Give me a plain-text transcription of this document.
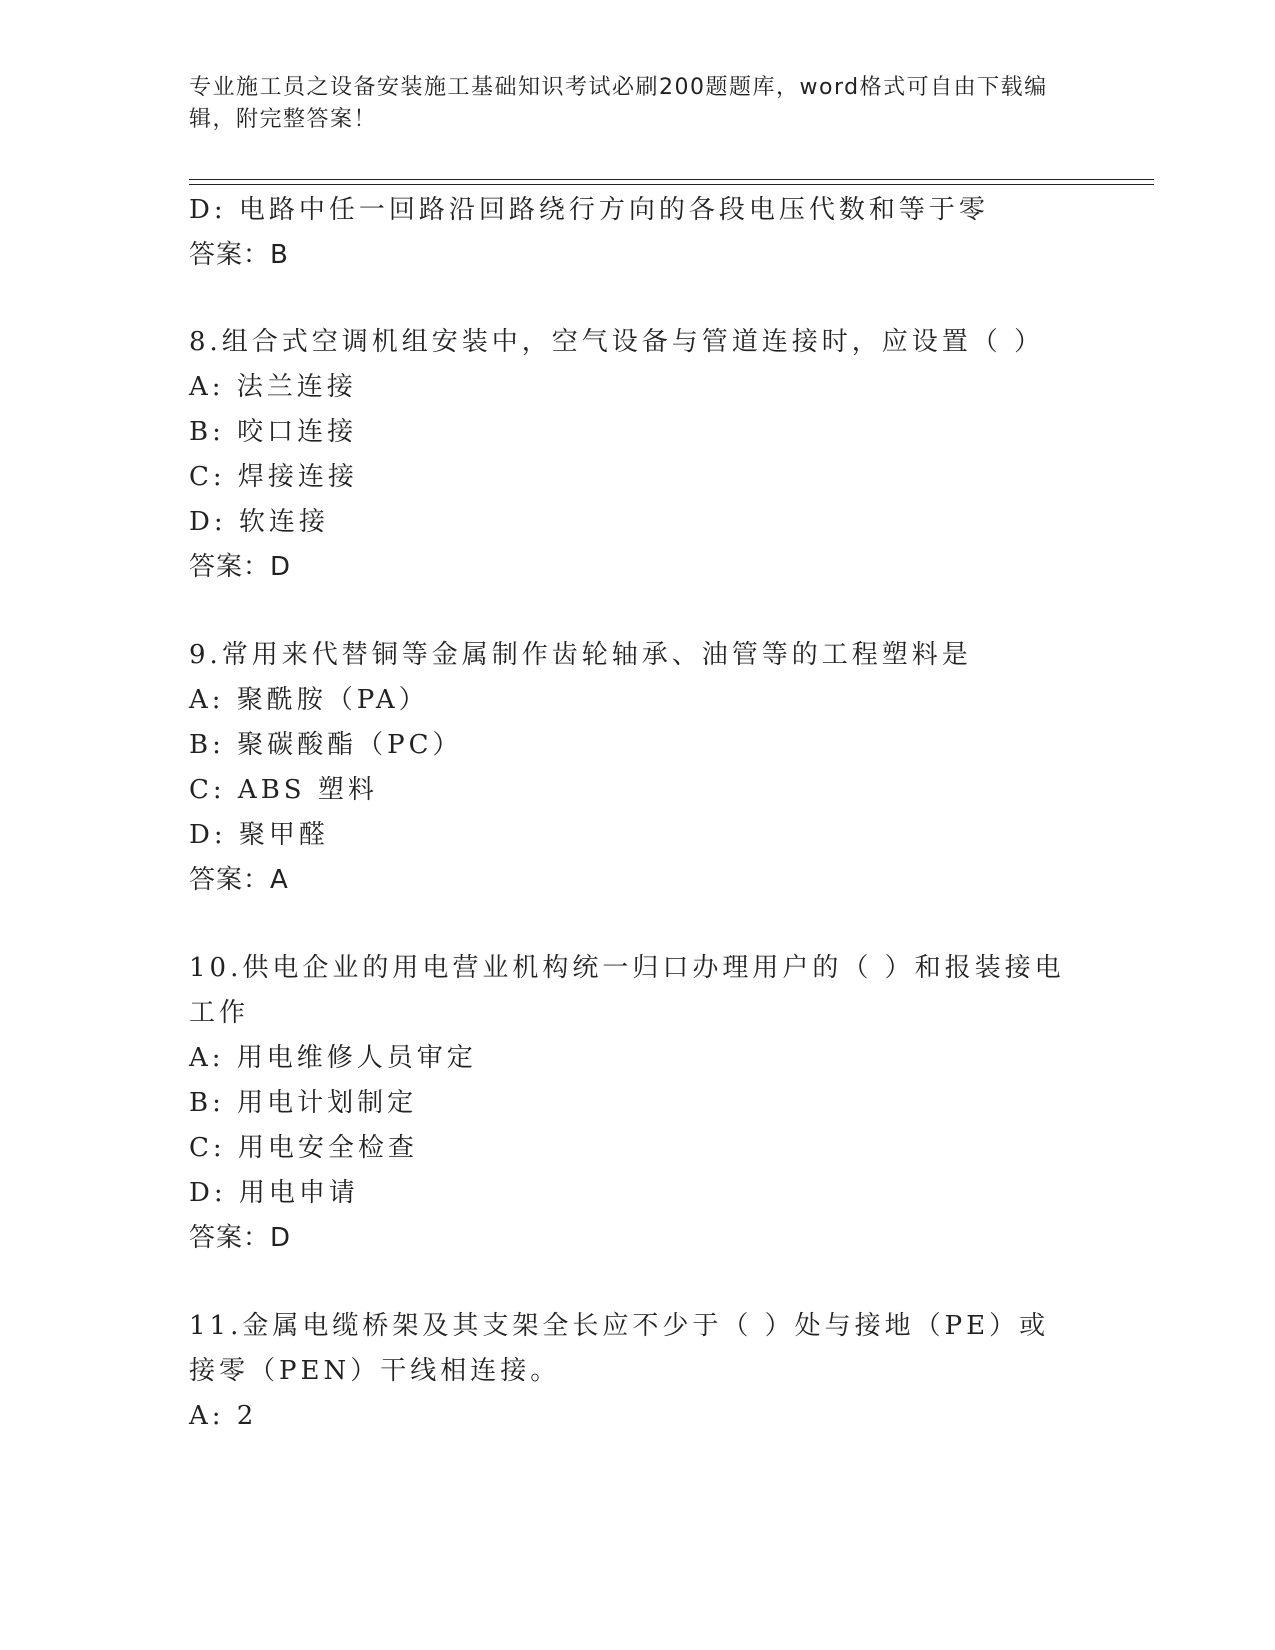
专业施工员之设备安装施工基础知识考试必刷200题题库，word格式可自由下载编辑，附完整答案！
D: 电路中任一回路沿回路绕行方向的各段电压代数和等于零
答案：B
8.组合式空调机组安装中，空气设备与管道连接时，应设置（ ）
A: 法兰连接
B: 咬口连接
C: 焊接连接
D: 软连接
答案：D
9.常用来代替铜等金属制作齿轮轴承、油管等的工程塑料是
A: 聚酰胺（PA）
B: 聚碳酸酯（PC）
C: ABS 塑料
D: 聚甲醛
答案：A
10.供电企业的用电营业机构统一归口办理用户的（ ）和报装接电工作
A: 用电维修人员审定
B: 用电计划制定
C: 用电安全检查
D: 用电申请
答案：D
11.金属电缆桥架及其支架全长应不少于（ ）处与接地（PE）或接零（PEN）干线相连接。
A: 2
